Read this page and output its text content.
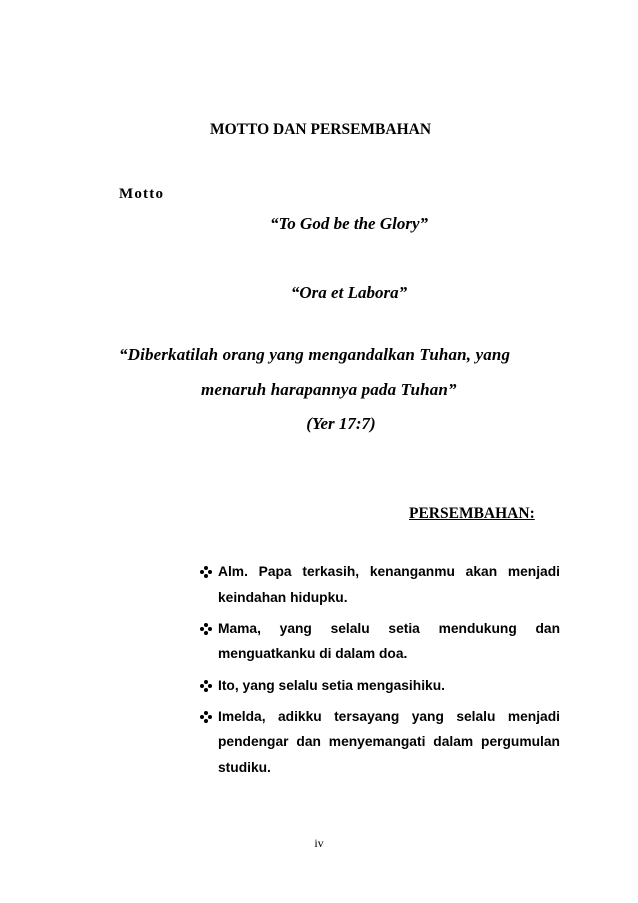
MOTTO DAN PERSEMBAHAN
Motto
“To God be the Glory”
“Ora et Labora”
“Diberkatilah orang yang mengandalkan Tuhan, yang
menaruh harapannya pada Tuhan”
(Yer 17:7)
PERSEMBAHAN:
Alm. Papa terkasih, kenanganmu akan menjadi keindahan hidupku.
Mama, yang selalu setia mendukung dan menguatkanku di dalam doa.
Ito, yang selalu setia mengasihiku.
Imelda, adikku tersayang yang selalu menjadi pendengar dan menyemangati dalam pergumulan studiku.
iv
